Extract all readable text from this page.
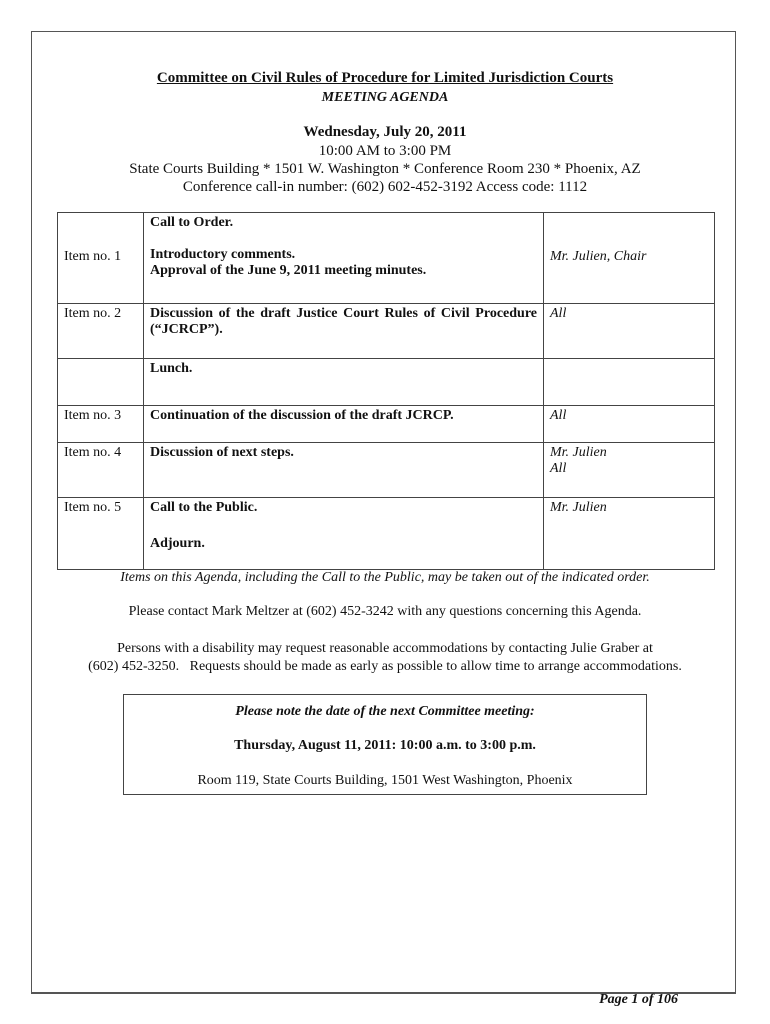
Committee on Civil Rules of Procedure for Limited Jurisdiction Courts
MEETING AGENDA
Wednesday, July 20, 2011
10:00 AM to 3:00 PM
State Courts Building * 1501 W. Washington * Conference Room 230 * Phoenix, AZ
Conference call-in number: (602) 602-452-3192 Access code: 1112
Item no. 1	Call to Order.
Introductory comments.
Approval of the June 9, 2011 meeting minutes.	Mr. Julien, Chair

Item no. 2	Discussion of the draft Justice Court Rules of Civil Procedure (“JCRCP”).	All

	Lunch.	

Item no. 3	Continuation of the discussion of the draft JCRCP.	All

Item no. 4	Discussion of next steps.	Mr. Julien
All

Item no. 5	Call to the Public.
Adjourn.	Mr. Julien
Items on this Agenda, including the Call to the Public, may be taken out of the indicated order.
Please contact Mark Meltzer at (602) 452-3242 with any questions concerning this Agenda.
Persons with a disability may request reasonable accommodations by contacting Julie Graber at
(602) 452-3250.   Requests should be made as early as possible to allow time to arrange accommodations.
Please note the date of the next Committee meeting:
Thursday, August 11, 2011: 10:00 a.m. to 3:00 p.m.
Room 119, State Courts Building, 1501 West Washington, Phoenix
Page 1 of 106
